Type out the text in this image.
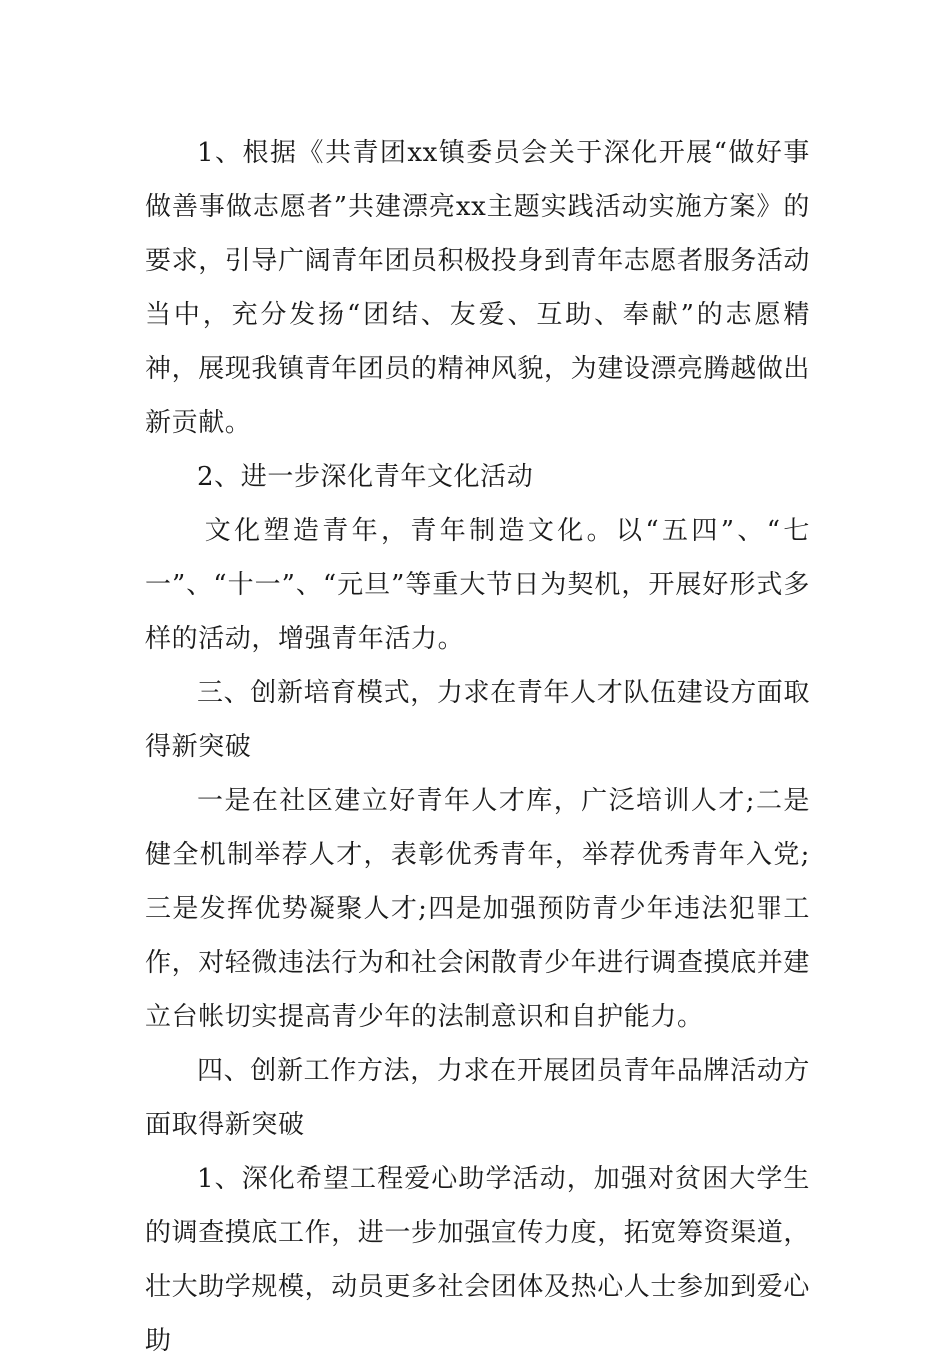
1、根据《共青团xx镇委员会关于深化开展“做好事做善事做志愿者”共建漂亮xx主题实践活动实施方案》的要求，引导广阔青年团员积极投身到青年志愿者服务活动当中，充分发扬“团结、友爱、互助、奉献”的志愿精神，展现我镇青年团员的精神风貌，为建设漂亮腾越做出新贡献。

2、进一步深化青年文化活动

文化塑造青年，青年制造文化。以“五四”、“七一”、“十一”、“元旦”等重大节日为契机，开展好形式多样的活动，增强青年活力。

三、创新培育模式，力求在青年人才队伍建设方面取得新突破

一是在社区建立好青年人才库，广泛培训人才;二是健全机制举荐人才，表彰优秀青年，举荐优秀青年入党;三是发挥优势凝聚人才;四是加强预防青少年违法犯罪工作，对轻微违法行为和社会闲散青少年进行调查摸底并建立台帐切实提高青少年的法制意识和自护能力。

四、创新工作方法，力求在开展团员青年品牌活动方面取得新突破

1、深化希望工程爱心助学活动，加强对贫困大学生的调查摸底工作，进一步加强宣传力度，拓宽筹资渠道，壮大助学规模，动员更多社会团体及热心人士参加到爱心助
